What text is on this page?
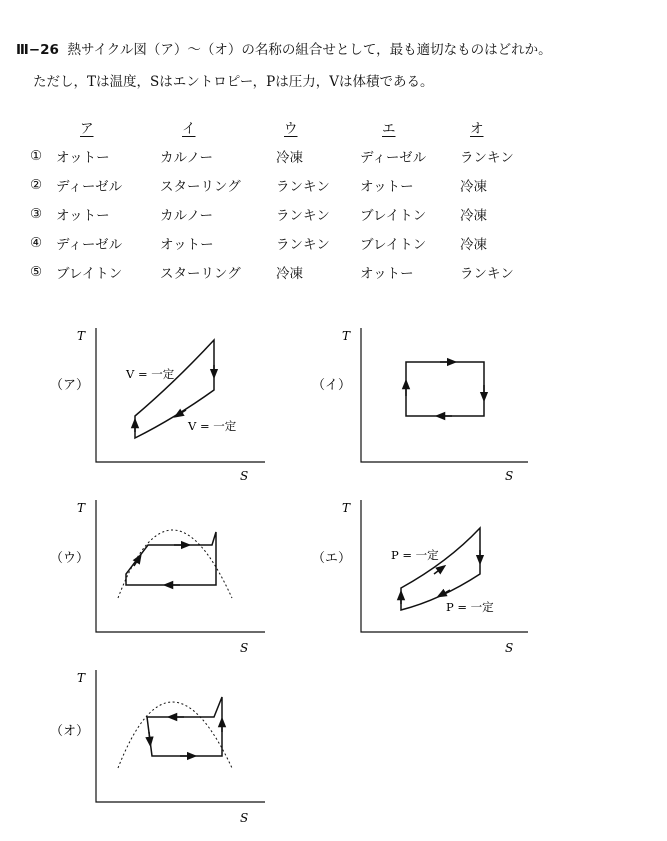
Ⅲ−26 熱サイクル図（ア）〜（オ）の名称の組合せとして，最も適切なものはどれか。
ただし，Tは温度，Sはエントロピー，Pは圧力，Vは体積である。
	ア	イ	ウ	エ	オ
①	オットー	カルノー	冷凍	ディーゼル	ランキン
②	ディーゼル	スターリング	ランキン	オットー	冷凍
③	オットー	カルノー	ランキン	ブレイトン	冷凍
④	ディーゼル	オットー	ランキン	ブレイトン	冷凍
⑤	ブレイトン	スターリング	冷凍	オットー	ランキン
（ア）
T
S
V = 一定
V = 一定
（イ）
T
S
（ウ）
T
S
（エ）
T
S
P = 一定
P = 一定
（オ）
T
S
